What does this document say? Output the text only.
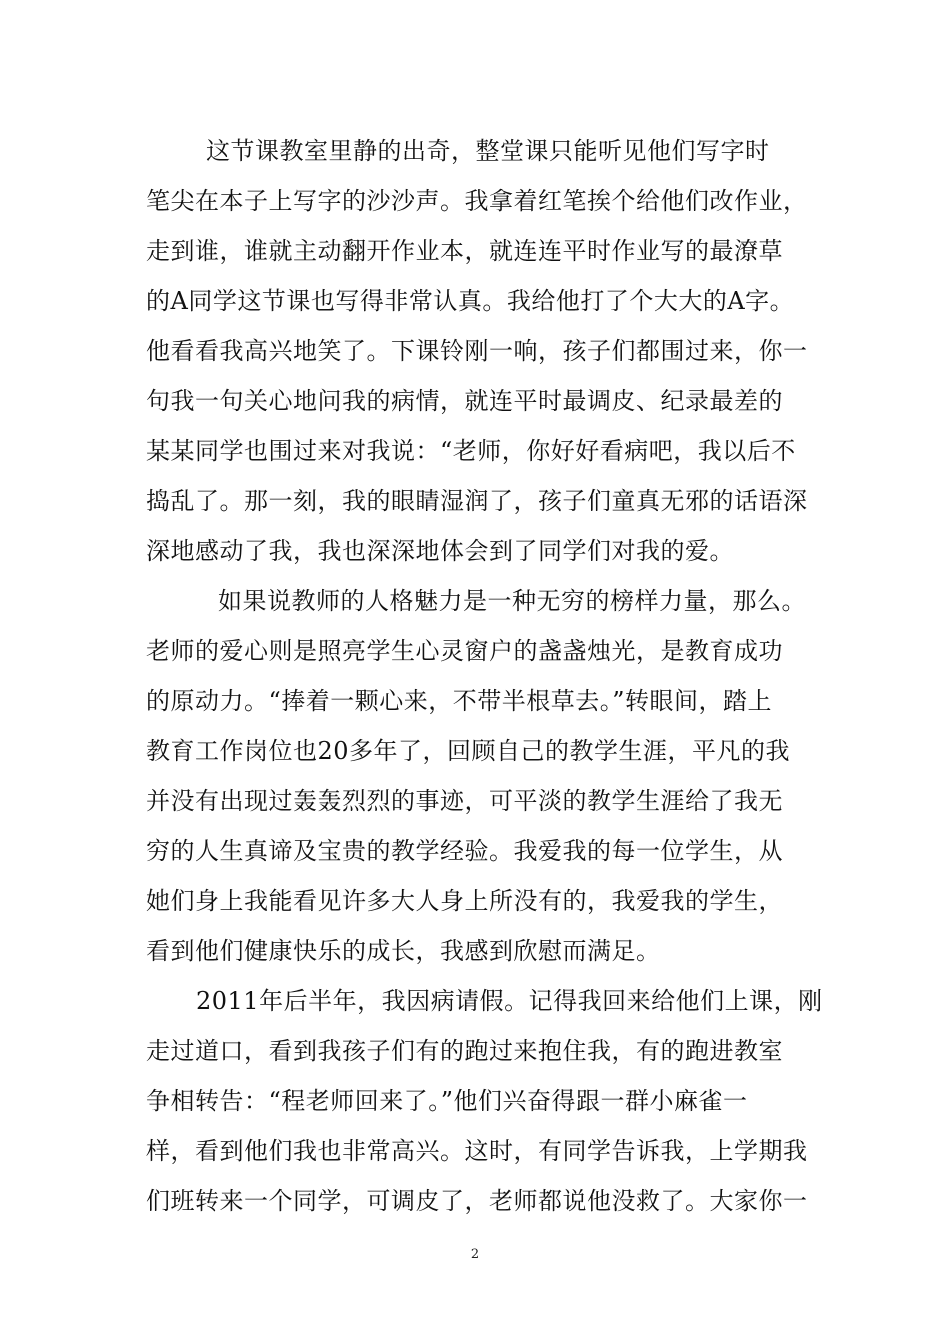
这节课教室里静的出奇，整堂课只能听见他们写字时
笔尖在本子上写字的沙沙声。我拿着红笔挨个给他们改作业，
走到谁，谁就主动翻开作业本，就连连平时作业写的最潦草
的A同学这节课也写得非常认真。我给他打了个大大的A字。
他看看我高兴地笑了。下课铃刚一响，孩子们都围过来，你一
句我一句关心地问我的病情，就连平时最调皮、纪录最差的
某某同学也围过来对我说：“老师，你好好看病吧，我以后不
捣乱了。那一刻，我的眼睛湿润了，孩子们童真无邪的话语深
深地感动了我，我也深深地体会到了同学们对我的爱。
如果说教师的人格魅力是一种无穷的榜样力量，那么。
老师的爱心则是照亮学生心灵窗户的盏盏烛光，是教育成功
的原动力。“捧着一颗心来，不带半根草去。”转眼间，踏上
教育工作岗位也20多年了，回顾自己的教学生涯，平凡的我
并没有出现过轰轰烈烈的事迹，可平淡的教学生涯给了我无
穷的人生真谛及宝贵的教学经验。我爱我的每一位学生，从
她们身上我能看见许多大人身上所没有的，我爱我的学生，
看到他们健康快乐的成长，我感到欣慰而满足。
2011年后半年，我因病请假。记得我回来给他们上课，刚
走过道口，看到我孩子们有的跑过来抱住我，有的跑进教室
争相转告：“程老师回来了。”他们兴奋得跟一群小麻雀一
样，看到他们我也非常高兴。这时，有同学告诉我，上学期我
们班转来一个同学，可调皮了，老师都说他没救了。大家你一
2
